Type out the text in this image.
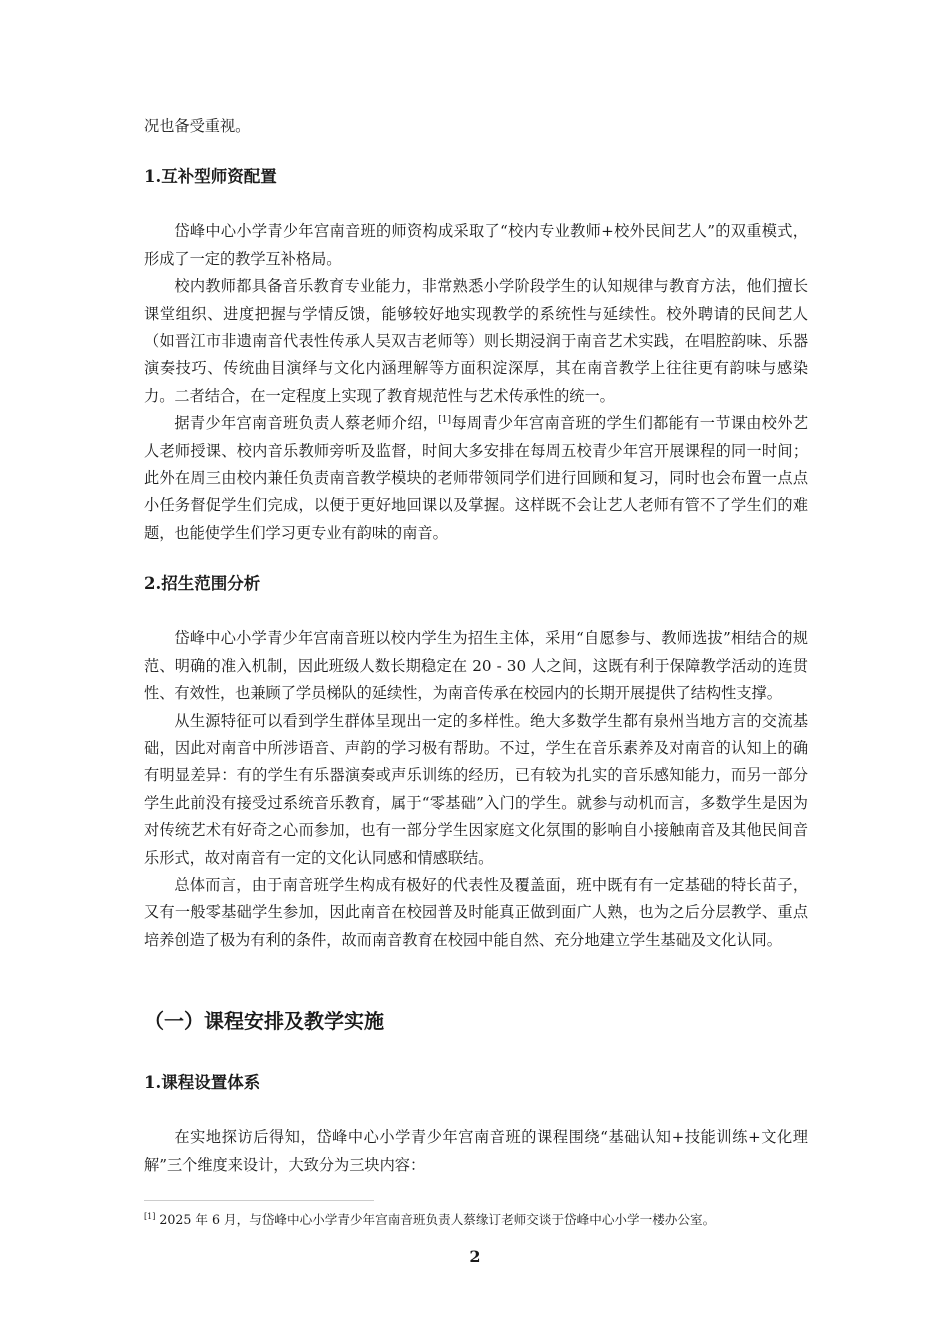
况也备受重视。

1.互补型师资配置

岱峰中心小学青少年宫南音班的师资构成采取了“校内专业教师+校外民间艺人”的双重模式，形成了一定的教学互补格局。

校内教师都具备音乐教育专业能力，非常熟悉小学阶段学生的认知规律与教育方法，他们擅长课堂组织、进度把握与学情反馈，能够较好地实现教学的系统性与延续性。校外聘请的民间艺人（如晋江市非遗南音代表性传承人吴双吉老师等）则长期浸润于南音艺术实践，在唱腔韵味、乐器演奏技巧、传统曲目演绎与文化内涵理解等方面积淀深厚，其在南音教学上往往更有韵味与感染力。二者结合，在一定程度上实现了教育规范性与艺术传承性的统一。

据青少年宫南音班负责人蔡老师介绍，[1]每周青少年宫南音班的学生们都能有一节课由校外艺人老师授课、校内音乐教师旁听及监督，时间大多安排在每周五校青少年宫开展课程的同一时间；此外在周三由校内兼任负责南音教学模块的老师带领同学们进行回顾和复习，同时也会布置一点点小任务督促学生们完成，以便于更好地回课以及掌握。这样既不会让艺人老师有管不了学生们的难题，也能使学生们学习更专业有韵味的南音。

2.招生范围分析

岱峰中心小学青少年宫南音班以校内学生为招生主体，采用“自愿参与、教师选拔”相结合的规范、明确的准入机制，因此班级人数长期稳定在 20 - 30 人之间，这既有利于保障教学活动的连贯性、有效性，也兼顾了学员梯队的延续性，为南音传承在校园内的长期开展提供了结构性支撑。

从生源特征可以看到学生群体呈现出一定的多样性。绝大多数学生都有泉州当地方言的交流基础，因此对南音中所涉语音、声韵的学习极有帮助。不过，学生在音乐素养及对南音的认知上的确有明显差异：有的学生有乐器演奏或声乐训练的经历，已有较为扎实的音乐感知能力，而另一部分学生此前没有接受过系统音乐教育，属于“零基础”入门的学生。就参与动机而言，多数学生是因为对传统艺术有好奇之心而参加，也有一部分学生因家庭文化氛围的影响自小接触南音及其他民间音乐形式，故对南音有一定的文化认同感和情感联结。

总体而言，由于南音班学生构成有极好的代表性及覆盖面，班中既有有一定基础的特长苗子，又有一般零基础学生参加，因此南音在校园普及时能真正做到面广人熟，也为之后分层教学、重点培养创造了极为有利的条件，故而南音教育在校园中能自然、充分地建立学生基础及文化认同。

（一）课程安排及教学实施
1.课程设置体系

在实地探访后得知，岱峰中心小学青少年宫南音班的课程围绕“基础认知+技能训练+文化理解”三个维度来设计，大致分为三块内容：

[1] 2025 年 6 月，与岱峰中心小学青少年宫南音班负责人蔡缘订老师交谈于岱峰中心小学一楼办公室。
2
